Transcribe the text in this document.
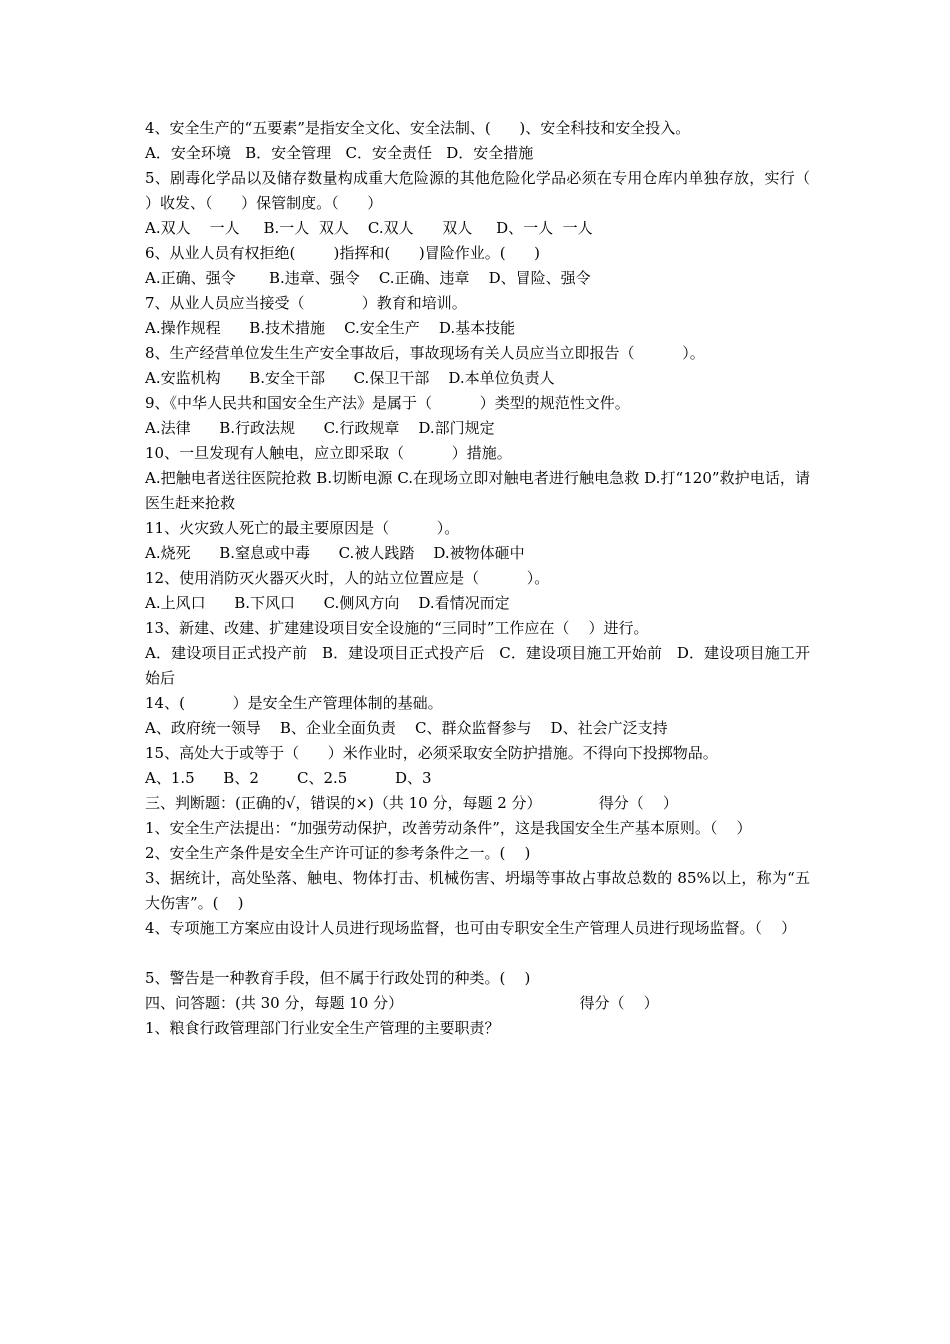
4、安全生产的“五要素”是指安全文化、安全法制、(      )、安全科技和安全投入。
A．安全环境   B．安全管理   C．安全责任   D．安全措施
5、剧毒化学品以及储存数量构成重大危险源的其他危险化学品必须在专用仓库内单独存放，实行（    ）收发、（      ）保管制度。（      ）
A.双人    一人     B.一人  双人    C.双人      双人     D、一人  一人
6、从业人员有权拒绝(        )指挥和(      )冒险作业。(      )
A.正确、强令       B.违章、强令    C.正确、违章    D、冒险、强令
7、从业人员应当接受（            ）教育和培训。
A.操作规程      B.技术措施    C.安全生产    D.基本技能
8、生产经营单位发生生产安全事故后，事故现场有关人员应当立即报告（          ）。
A.安监机构      B.安全干部      C.保卫干部    D.本单位负责人
9、《中华人民共和国安全生产法》是属于（          ）类型的规范性文件。
A.法律      B.行政法规      C.行政规章    D.部门规定
10、一旦发现有人触电，应立即采取（          ）措施。
A.把触电者送往医院抢救 B.切断电源 C.在现场立即对触电者进行触电急救 D.打“120”救护电话，请医生赶来抢救
11、火灾致人死亡的最主要原因是（          ）。
A.烧死      B.窒息或中毒      C.被人践踏    D.被物体砸中
12、使用消防灭火器灭火时，人的站立位置应是（          ）。
A.上风口      B.下风口      C.侧风方向    D.看情况而定
13、新建、改建、扩建建设项目安全设施的“三同时”工作应在（    ）进行。
A．建设项目正式投产前   B．建设项目正式投产后   C．建设项目施工开始前   D．建设项目施工开始后
14、(          ）是安全生产管理体制的基础。
A、政府统一领导    B、企业全面负责    C、群众监督参与    D、社会广泛支持
15、高处大于或等于（      ）米作业时，必须采取安全防护措施。不得向下投掷物品。
A、1.5      B、2        C、2.5          D、3
三、判断题：(正确的√，错误的×)（共 10 分，每题 2 分）            得分（    ）
1、安全生产法提出：“加强劳动保护，改善劳动条件”，这是我国安全生产基本原则。（    ）
2、安全生产条件是安全生产许可证的参考条件之一。(    )
3、据统计，高处坠落、触电、物体打击、机械伤害、坍塌等事故占事故总数的 85%以上，称为“五大伤害”。(    )
4、专项施工方案应由设计人员进行现场监督，也可由专职安全生产管理人员进行现场监督。（    ）
5、警告是一种教育手段，但不属于行政处罚的种类。(    )
四、问答题：(共 30 分，每题 10 分）                                     得分（    ）
1、粮食行政管理部门行业安全生产管理的主要职责？
